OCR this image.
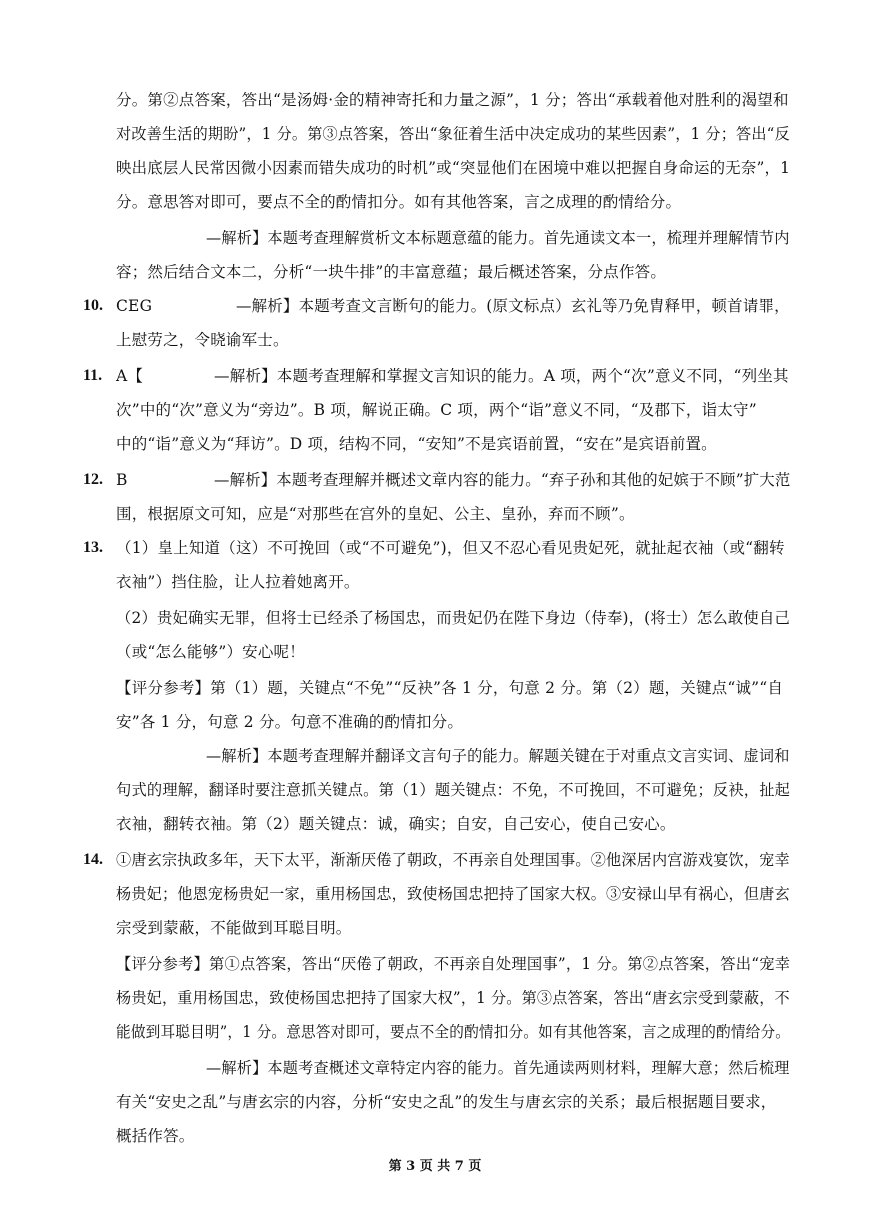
分。第②点答案，答出“是汤姆·金的精神寄托和力量之源”，1 分；答出“承载着他对胜利的渴望和
对改善生活的期盼”，1 分。第③点答案，答出“象征着生活中决定成功的某些因素”，1 分；答出“反
映出底层人民常因微小因素而错失成功的时机”或“突显他们在困境中难以把握自身命运的无奈”，1
分。意思答对即可，要点不全的酌情扣分。如有其他答案，言之成理的酌情给分。
—解析】本题考查理解赏析文本标题意蕴的能力。首先通读文本一，梳理并理解情节内
容；然后结合文本二，分析“一块牛排”的丰富意蕴；最后概述答案，分点作答。
10. CEG	—解析】本题考查文言断句的能力。(原文标点）玄礼等乃免胄释甲，顿首请罪，
上慰劳之，令晓谕军士。
11. A【	—解析】本题考查理解和掌握文言知识的能力。A 项，两个“次”意义不同，“列坐其
次”中的“次”意义为“旁边”。B 项，解说正确。C 项，两个“诣”意义不同，“及郡下，诣太守”
中的“诣”意义为“拜访”。D 项，结构不同，“安知”不是宾语前置，“安在”是宾语前置。
12. B	—解析】本题考查理解并概述文章内容的能力。“弃子孙和其他的妃嫔于不顾”扩大范
围，根据原文可知，应是“对那些在宫外的皇妃、公主、皇孙，弃而不顾”。
13. （1）皇上知道（这）不可挽回（或“不可避免”)，但又不忍心看见贵妃死，就扯起衣袖（或“翻转
衣袖”）挡住脸，让人拉着她离开。
（2）贵妃确实无罪，但将士已经杀了杨国忠，而贵妃仍在陛下身边（侍奉)，(将士）怎么敢使自己
（或“怎么能够”）安心呢！
【评分参考】第（1）题，关键点“不免”“反袂”各 1 分，句意 2 分。第（2）题，关键点“诚”“自
安”各 1 分，句意 2 分。句意不准确的酌情扣分。
—解析】本题考查理解并翻译文言句子的能力。解题关键在于对重点文言实词、虚词和
句式的理解，翻译时要注意抓关键点。第（1）题关键点：不免，不可挽回，不可避免；反袂，扯起
衣袖，翻转衣袖。第（2）题关键点：诚，确实；自安，自己安心，使自己安心。
14. ①唐玄宗执政多年，天下太平，渐渐厌倦了朝政，不再亲自处理国事。②他深居内宫游戏宴饮，宠幸
杨贵妃；他恩宠杨贵妃一家，重用杨国忠，致使杨国忠把持了国家大权。③安禄山早有祸心，但唐玄
宗受到蒙蔽，不能做到耳聪目明。
【评分参考】第①点答案，答出“厌倦了朝政，不再亲自处理国事”，1 分。第②点答案，答出“宠幸
杨贵妃，重用杨国忠，致使杨国忠把持了国家大权”，1 分。第③点答案，答出“唐玄宗受到蒙蔽，不
能做到耳聪目明”，1 分。意思答对即可，要点不全的酌情扣分。如有其他答案，言之成理的酌情给分。
—解析】本题考查概述文章特定内容的能力。首先通读两则材料，理解大意；然后梳理
有关“安史之乱”与唐玄宗的内容，分析“安史之乱”的发生与唐玄宗的关系；最后根据题目要求，
概括作答。
第 3 页 共 7 页
